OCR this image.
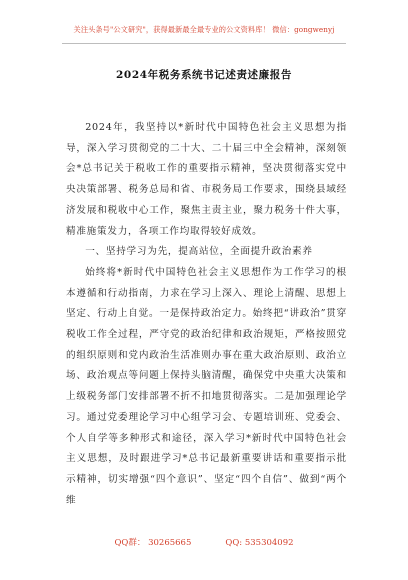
关注头条号"公文研究"，获得最新最全最专业的公文资料库！ 微信：gongwenyj
2024年税务系统书记述责述廉报告

2024年，我坚持以*新时代中国特色社会主义思想为指导，深入学习贯彻党的二十大、二十届三中全会精神，深刻领会*总书记关于税收工作的重要指示精神，坚决贯彻落实党中央决策部署、税务总局和省、市税务局工作要求，围绕县域经济发展和税收中心工作，聚焦主责主业，聚力税务十件大事，精准施策发力，各项工作均取得较好成效。

一、坚持学习为先，提高站位，全面提升政治素养

始终将*新时代中国特色社会主义思想作为工作学习的根本遵循和行动指南，力求在学习上深入、理论上清醒、思想上坚定、行动上自觉。一是保持政治定力。始终把“讲政治”贯穿税收工作全过程，严守党的政治纪律和政治规矩，严格按照党的组织原则和党内政治生活准则办事在重大政治原则、政治立场、政治观点等问题上保持头脑清醒，确保党中央重大决策和上级税务部门安排部署不折不扣地贯彻落实。二是加强理论学习。通过党委理论学习中心组学习会、专题培训班、党委会、个人自学等多种形式和途径，深入学习*新时代中国特色社会主义思想，及时跟进学习*总书记最新重要讲话和重要指示批示精神，切实增强“四个意识”、坚定“四个自信”、做到“两个维

QQ群： 30265665	QQ: 535304092
